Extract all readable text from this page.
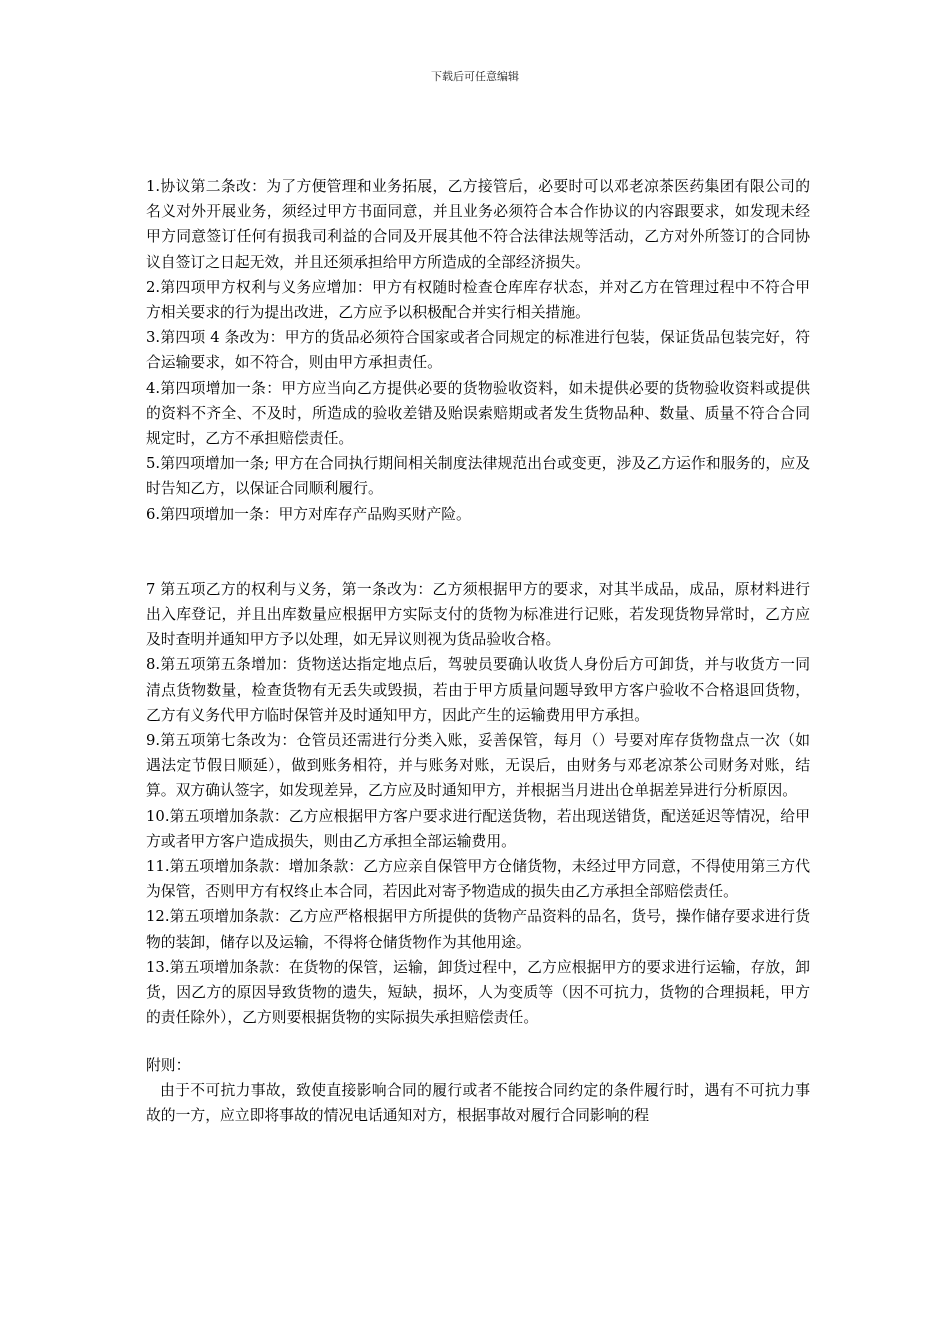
下载后可任意编辑

1.协议第二条改：为了方便管理和业务拓展，乙方接管后，必要时可以邓老凉茶医药集团有限公司的名义对外开展业务，须经过甲方书面同意，并且业务必须符合本合作协议的内容跟要求，如发现未经甲方同意签订任何有损我司利益的合同及开展其他不符合法律法规等活动，乙方对外所签订的合同协议自签订之日起无效，并且还须承担给甲方所造成的全部经济损失。

2.第四项甲方权利与义务应增加：甲方有权随时检查仓库库存状态，并对乙方在管理过程中不符合甲方相关要求的行为提出改进，乙方应予以积极配合并实行相关措施。

3.第四项 4 条改为：甲方的货品必须符合国家或者合同规定的标准进行包装，保证货品包装完好，符合运输要求，如不符合，则由甲方承担责任。

4.第四项增加一条：甲方应当向乙方提供必要的货物验收资料，如未提供必要的货物验收资料或提供的资料不齐全、不及时，所造成的验收差错及贻误索赔期或者发生货物品种、数量、质量不符合合同规定时，乙方不承担赔偿责任。

5.第四项增加一条; 甲方在合同执行期间相关制度法律规范出台或变更，涉及乙方运作和服务的，应及时告知乙方，以保证合同顺利履行。

6.第四项增加一条：甲方对库存产品购买财产险。

7 第五项乙方的权利与义务，第一条改为：乙方须根据甲方的要求，对其半成品，成品，原材料进行出入库登记，并且出库数量应根据甲方实际支付的货物为标准进行记账，若发现货物异常时，乙方应及时查明并通知甲方予以处理，如无异议则视为货品验收合格。

8.第五项第五条增加：货物送达指定地点后，驾驶员要确认收货人身份后方可卸货，并与收货方一同清点货物数量，检查货物有无丢失或毁损，若由于甲方质量问题导致甲方客户验收不合格退回货物，乙方有义务代甲方临时保管并及时通知甲方，因此产生的运输费用甲方承担。

9.第五项第七条改为：仓管员还需进行分类入账，妥善保管，每月（）号要对库存货物盘点一次（如遇法定节假日顺延），做到账务相符，并与账务对账，无误后，由财务与邓老凉茶公司财务对账，结算。双方确认签字，如发现差异，乙方应及时通知甲方，并根据当月进出仓单据差异进行分析原因。

10.第五项增加条款：乙方应根据甲方客户要求进行配送货物，若出现送错货，配送延迟等情况，给甲方或者甲方客户造成损失，则由乙方承担全部运输费用。

11.第五项增加条款：增加条款：乙方应亲自保管甲方仓储货物，未经过甲方同意，不得使用第三方代为保管，否则甲方有权终止本合同，若因此对寄予物造成的损失由乙方承担全部赔偿责任。

12.第五项增加条款：乙方应严格根据甲方所提供的货物产品资料的品名，货号，操作储存要求进行货物的装卸，储存以及运输，不得将仓储货物作为其他用途。

13.第五项增加条款：在货物的保管，运输，卸货过程中，乙方应根据甲方的要求进行运输，存放，卸货，因乙方的原因导致货物的遗失，短缺，损坏，人为变质等（因不可抗力，货物的合理损耗，甲方的责任除外），乙方则要根据货物的实际损失承担赔偿责任。

附则：

由于不可抗力事故，致使直接影响合同的履行或者不能按合同约定的条件履行时，遇有不可抗力事故的一方，应立即将事故的情况电话通知对方，根据事故对履行合同影响的程
